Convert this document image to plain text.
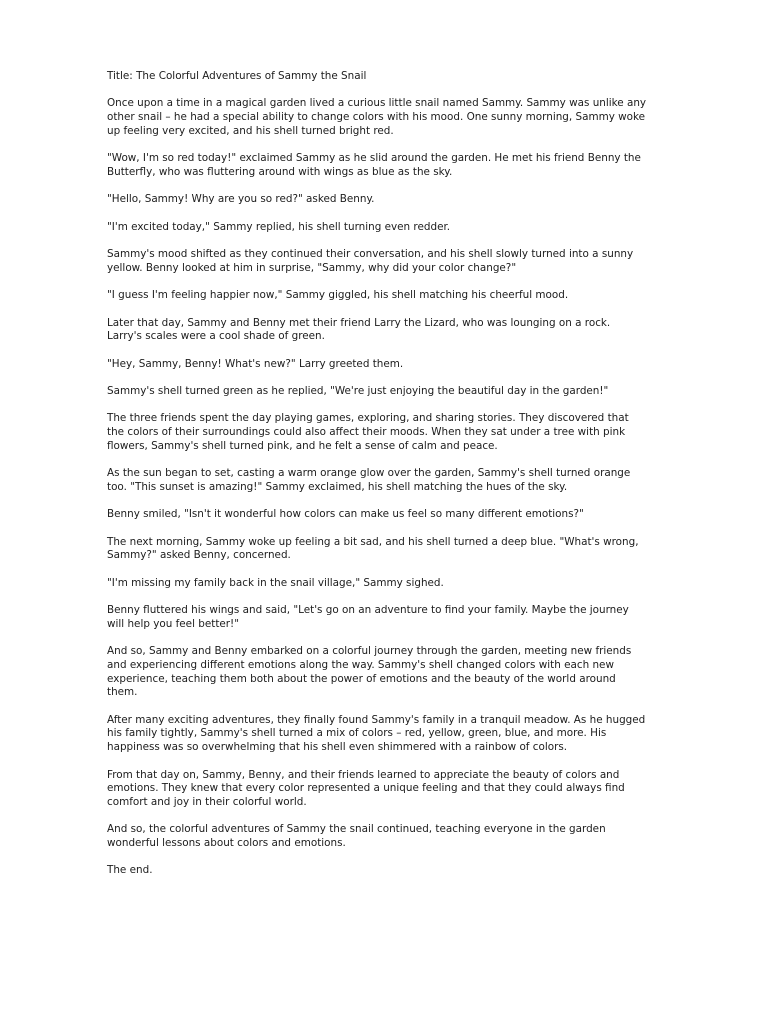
Title: The Colorful Adventures of Sammy the Snail

Once upon a time in a magical garden lived a curious little snail named Sammy. Sammy was unlike any other snail – he had a special ability to change colors with his mood. One sunny morning, Sammy woke up feeling very excited, and his shell turned bright red.

"Wow, I'm so red today!" exclaimed Sammy as he slid around the garden. He met his friend Benny the Butterfly, who was fluttering around with wings as blue as the sky.

"Hello, Sammy! Why are you so red?" asked Benny.

"I'm excited today," Sammy replied, his shell turning even redder.

Sammy's mood shifted as they continued their conversation, and his shell slowly turned into a sunny yellow. Benny looked at him in surprise, "Sammy, why did your color change?"

"I guess I'm feeling happier now," Sammy giggled, his shell matching his cheerful mood.

Later that day, Sammy and Benny met their friend Larry the Lizard, who was lounging on a rock. Larry's scales were a cool shade of green.

"Hey, Sammy, Benny! What's new?" Larry greeted them.

Sammy's shell turned green as he replied, "We're just enjoying the beautiful day in the garden!"

The three friends spent the day playing games, exploring, and sharing stories. They discovered that the colors of their surroundings could also affect their moods. When they sat under a tree with pink flowers, Sammy's shell turned pink, and he felt a sense of calm and peace.

As the sun began to set, casting a warm orange glow over the garden, Sammy's shell turned orange too. "This sunset is amazing!" Sammy exclaimed, his shell matching the hues of the sky.

Benny smiled, "Isn't it wonderful how colors can make us feel so many different emotions?"

The next morning, Sammy woke up feeling a bit sad, and his shell turned a deep blue. "What's wrong, Sammy?" asked Benny, concerned.

"I'm missing my family back in the snail village," Sammy sighed.

Benny fluttered his wings and said, "Let's go on an adventure to find your family. Maybe the journey will help you feel better!"

And so, Sammy and Benny embarked on a colorful journey through the garden, meeting new friends and experiencing different emotions along the way. Sammy's shell changed colors with each new experience, teaching them both about the power of emotions and the beauty of the world around them.

After many exciting adventures, they finally found Sammy's family in a tranquil meadow. As he hugged his family tightly, Sammy's shell turned a mix of colors – red, yellow, green, blue, and more. His happiness was so overwhelming that his shell even shimmered with a rainbow of colors.

From that day on, Sammy, Benny, and their friends learned to appreciate the beauty of colors and emotions. They knew that every color represented a unique feeling and that they could always find comfort and joy in their colorful world.

And so, the colorful adventures of Sammy the snail continued, teaching everyone in the garden wonderful lessons about colors and emotions.

The end.
